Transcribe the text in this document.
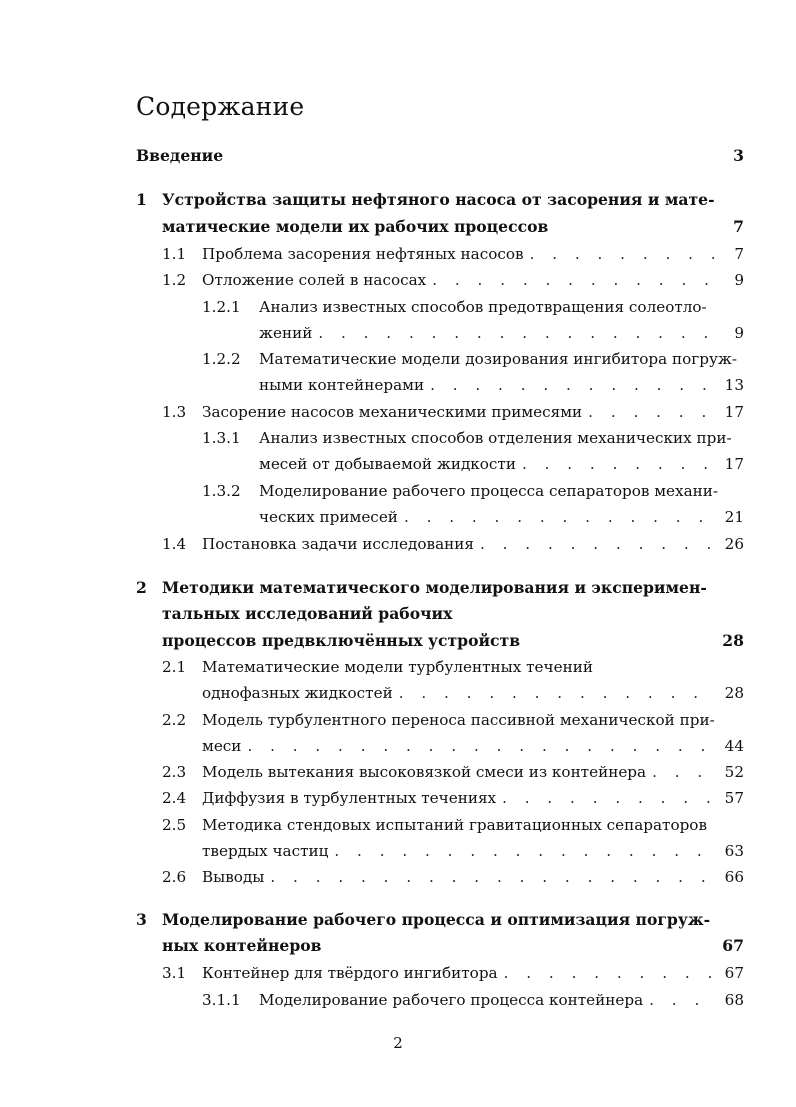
Содержание
Введение	3
1 Устройства защиты нефтяного насоса от засорения и мате-
матические модели их рабочих процессов	7
1.1 Проблема засорения нефтяных насосов . . .	7
1.2 Отложение солей в насосах . . .	9
1.2.1 Анализ известных способов предотвращения солеотло-
жений . . .	9
1.2.2 Математические модели дозирования ингибитора погруж-
ными контейнерами . . .	13
1.3 Засорение насосов механическими примесями . . .	17
1.3.1 Анализ известных способов отделения механических при-
месей от добываемой жидкости . . .	17
1.3.2 Моделирование рабочего процесса сепараторов механи-
ческих примесей . . .	21
1.4 Постановка задачи исследования . . .	26
2 Методики математического моделирования и эксперимен-
тальных исследований рабочих
процессов предвключённых устройств	28
2.1 Математические модели турбулентных течений
однофазных жидкостей . . .	28
2.2 Модель турбулентного переноса пассивной механической при-
меси . . .	44
2.3 Модель вытекания высоковязкой смеси из контейнера . . .	52
2.4 Диффузия в турбулентных течениях . . .	57
2.5 Методика стендовых испытаний гравитационных сепараторов
твердых частиц . . .	63
2.6 Выводы . . .	66
3 Моделирование рабочего процесса и оптимизация погруж-
ных контейнеров	67
3.1 Контейнер для твёрдого ингибитора . . .	67
3.1.1 Моделирование рабочего процесса контейнера . . .	68
2
